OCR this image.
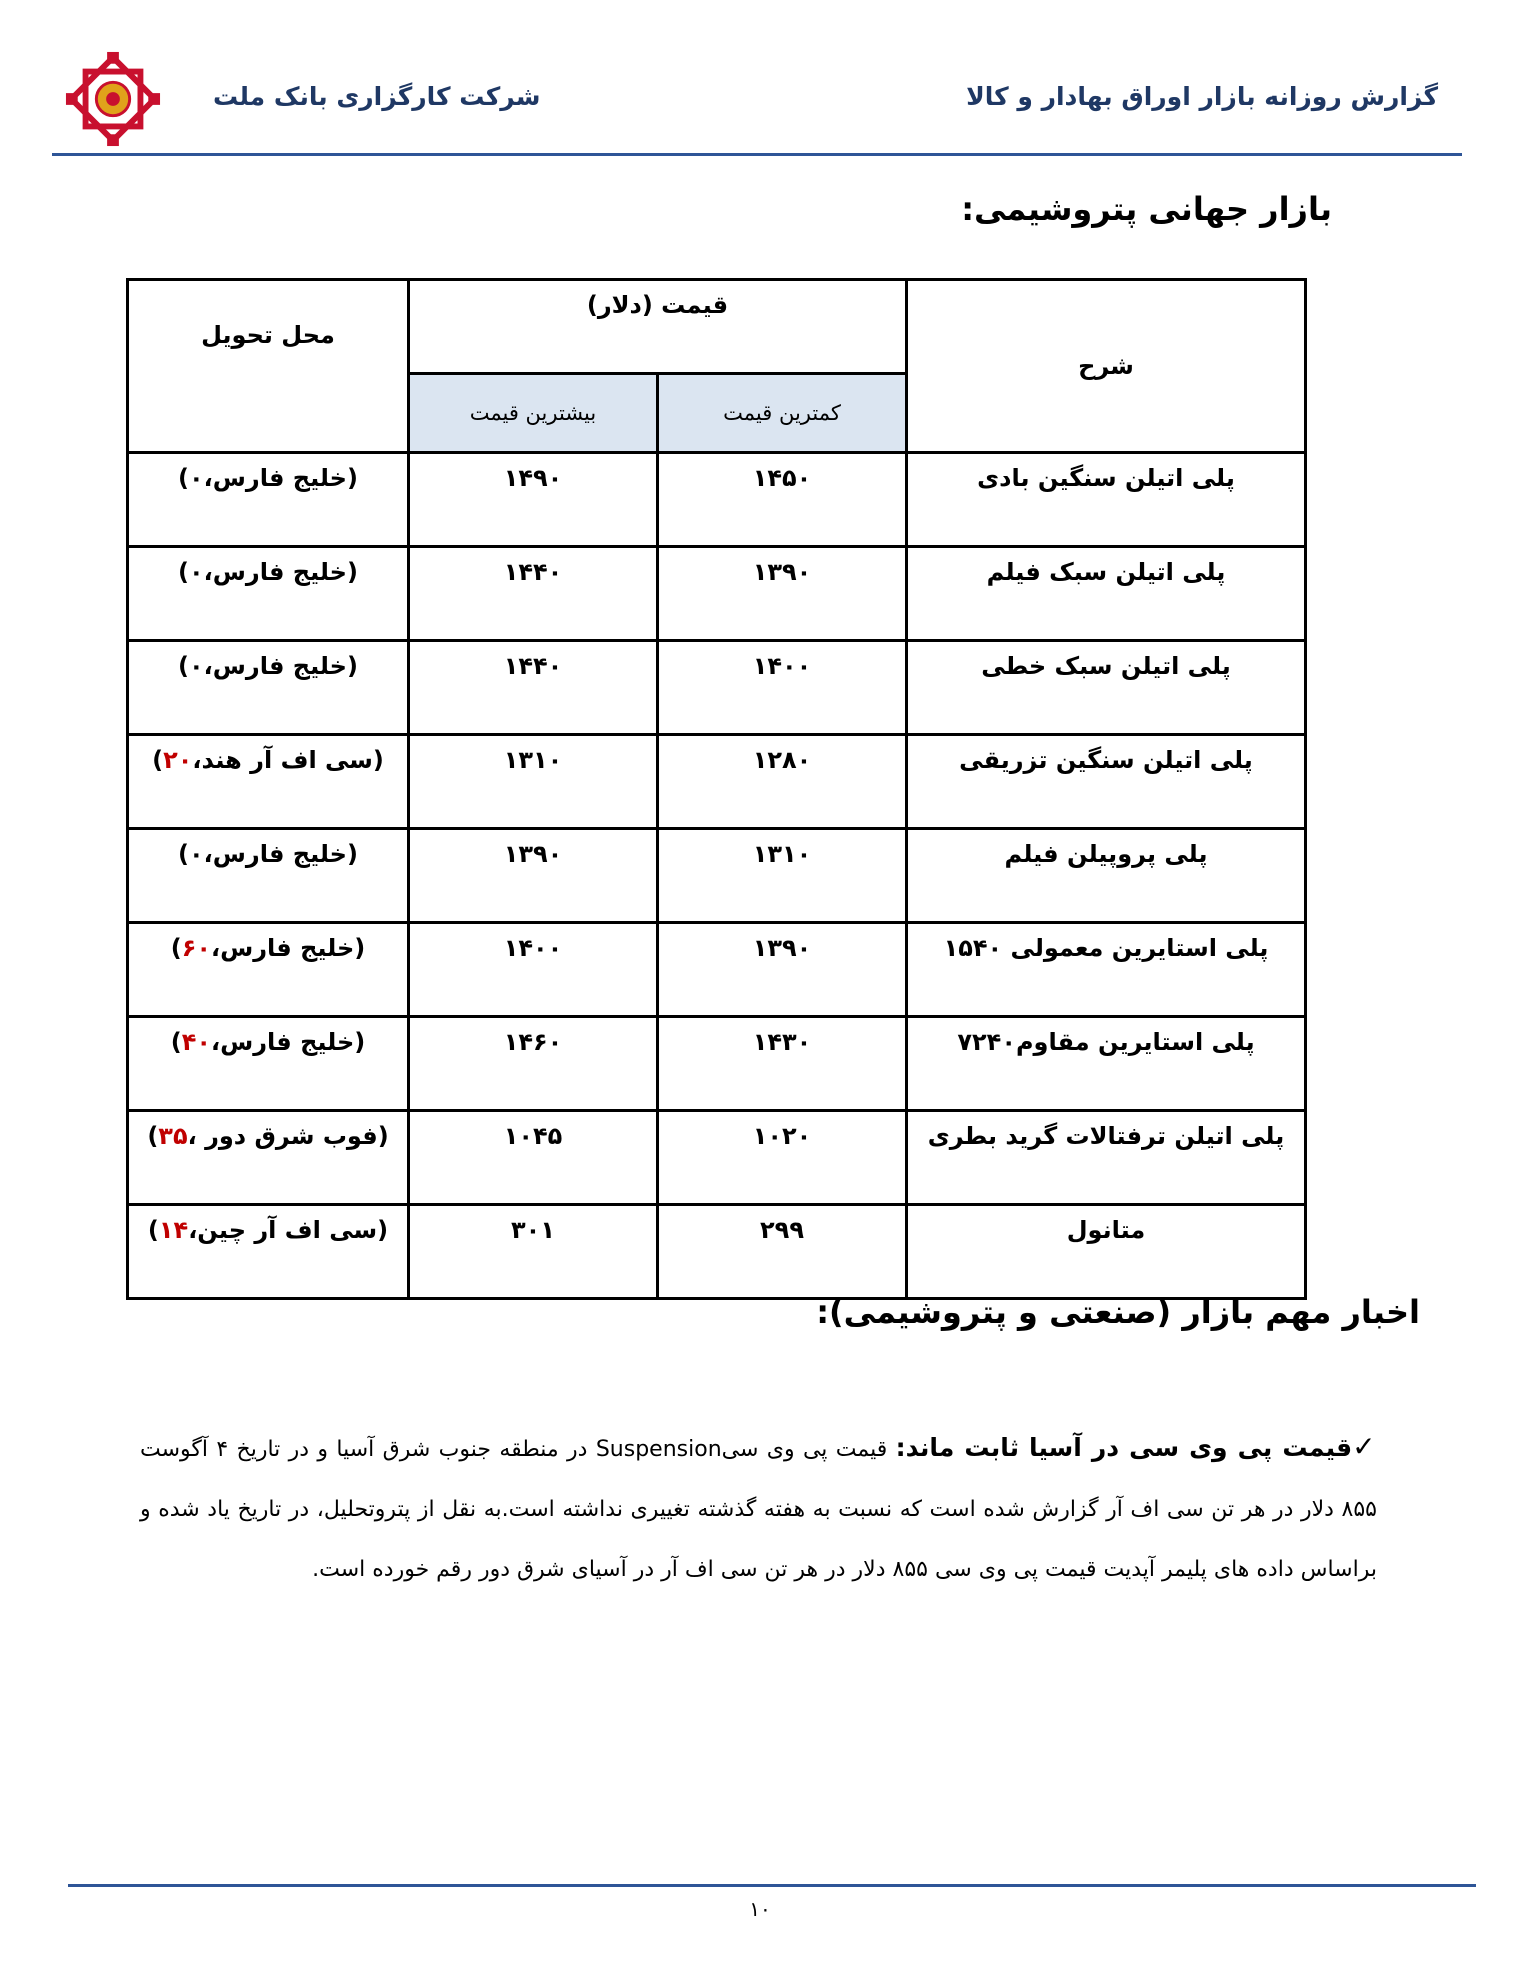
شرکت کارگزاری بانک ملت	گزارش روزانه بازار اوراق بهادار و کالا
بازار جهانی پتروشیمی:
شرح	قیمت (دلار)		محل تحویل
	کمترین قیمت	بیشترین قیمت	
پلی اتیلن سنگین بادی	۱۴۵۰	۱۴۹۰	(خلیج فارس،۰)
پلی اتیلن سبک فیلم	۱۳۹۰	۱۴۴۰	(خلیج فارس،۰)
پلی اتیلن سبک خطی	۱۴۰۰	۱۴۴۰	(خلیج فارس،۰)
پلی اتیلن سنگین تزریقی	۱۲۸۰	۱۳۱۰	(سی اف آر هند،۲۰)
پلی پروپیلن فیلم	۱۳۱۰	۱۳۹۰	(خلیج فارس،۰)
پلی استایرین معمولی ۱۵۴۰	۱۳۹۰	۱۴۰۰	(خلیج فارس،۶۰)
پلی استایرین مقاوم۷۲۴۰	۱۴۳۰	۱۴۶۰	(خلیج فارس،۴۰)
پلی اتیلن ترفتالات گرید بطری	۱۰۲۰	۱۰۴۵	(فوب شرق دور ،۳۵)
متانول	۲۹۹	۳۰۱	(سی اف آر چین،۱۴)
اخبار مهم بازار (صنعتی و پتروشیمی):
✓قیمت پی وی سی در آسیا ثابت ماند: قیمت پی وی سیSuspension در منطقه جنوب شرق آسیا و در تاریخ ۴ آگوست ۸۵۵ دلار در هر تن سی اف آر گزارش شده است که نسبت به هفته گذشته تغییری نداشته است.به نقل از پتروتحلیل، در تاریخ یاد شده و براساس داده های پلیمر آپدیت قیمت پی وی سی ۸۵۵ دلار در هر تن سی اف آر در آسیای شرق دور رقم خورده است.
۱۰
